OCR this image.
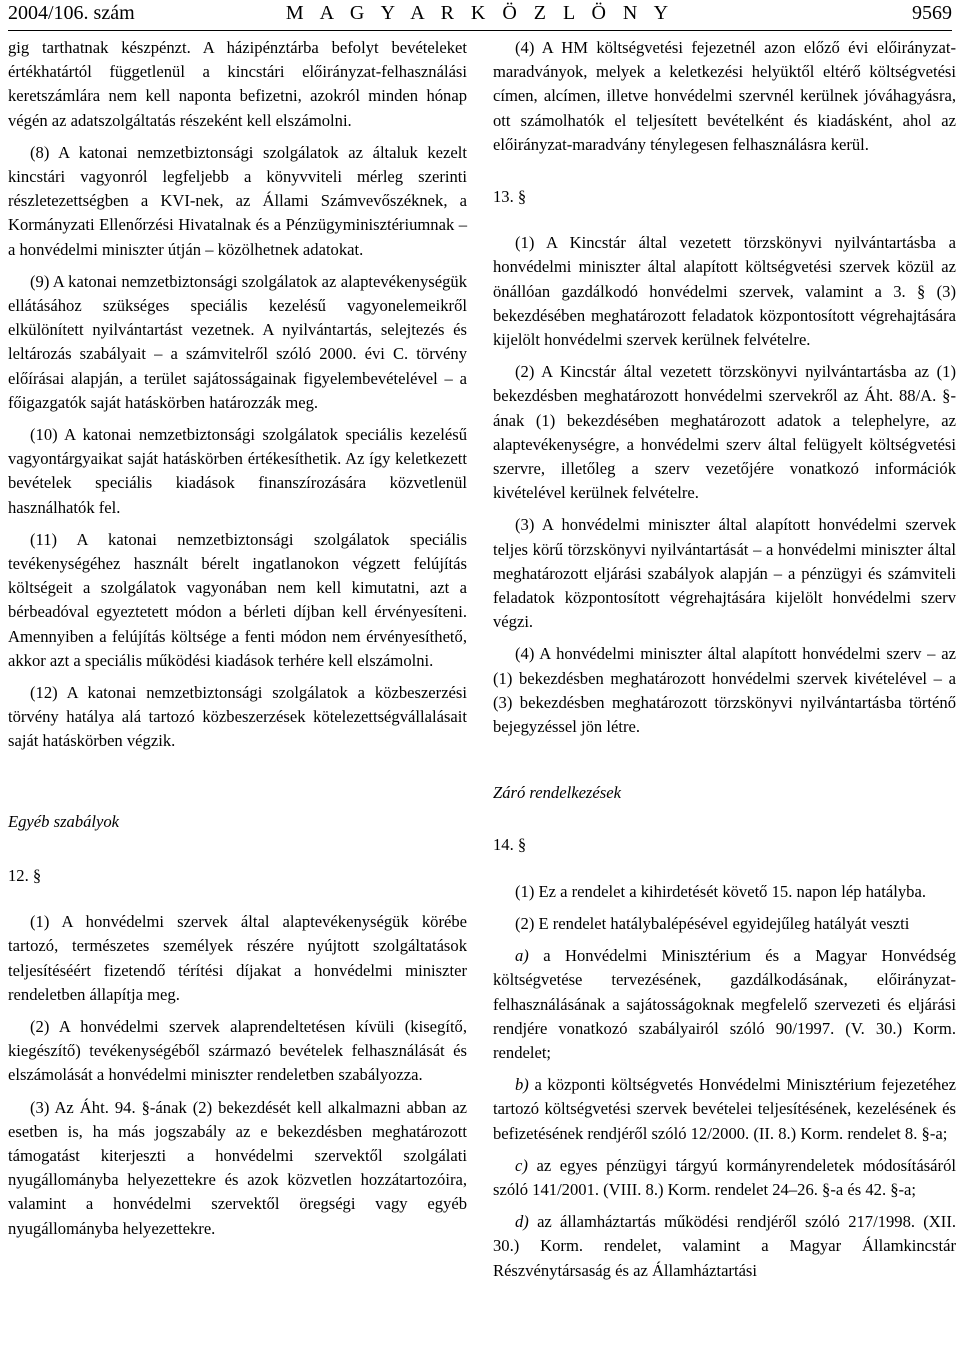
2004/106. szám	M A G Y A R K Ö Z L Ö N Y	9569

gig tarthatnak készpénzt. A házipénztárba befolyt bevételeket értékhatártól függetlenül a kincstári előirányzat-felhasználási keretszámlára nem kell naponta befizetni, azokról minden hónap végén az adatszolgáltatás részeként kell elszámolni.

(8) A katonai nemzetbiztonsági szolgálatok az általuk kezelt kincstári vagyonról legfeljebb a könyvviteli mérleg szerinti részletezettségben a KVI-nek, az Állami Számvevőszéknek, a Kormányzati Ellenőrzési Hivatalnak és a Pénzügyminisztériumnak – a honvédelmi miniszter útján – közölhetnek adatokat.

(9) A katonai nemzetbiztonsági szolgálatok az alaptevékenységük ellátásához szükséges speciális kezelésű vagyonelemeikről elkülönített nyilvántartást vezetnek. A nyilvántartás, selejtezés és leltározás szabályait – a számvitelről szóló 2000. évi C. törvény előírásai alapján, a terület sajátosságainak figyelembevételével – a főigazgatók saját hatáskörben határozzák meg.

(10) A katonai nemzetbiztonsági szolgálatok speciális kezelésű vagyontárgyaikat saját hatáskörben értékesíthetik. Az így keletkezett bevételek speciális kiadások finanszírozására közvetlenül használhatók fel.

(11) A katonai nemzetbiztonsági szolgálatok speciális tevékenységéhez használt bérelt ingatlanokon végzett felújítás költségeit a szolgálatok vagyonában nem kell kimutatni, azt a bérbeadóval egyeztetett módon a bérleti díjban kell érvényesíteni. Amennyiben a felújítás költsége a fenti módon nem érvényesíthető, akkor azt a speciális működési kiadások terhére kell elszámolni.

(12) A katonai nemzetbiztonsági szolgálatok a közbeszerzési törvény hatálya alá tartozó közbeszerzések kötelezettségvállalásait saját hatáskörben végzik.

Egyéb szabályok

12. §

(1) A honvédelmi szervek által alaptevékenységük körébe tartozó, természetes személyek részére nyújtott szolgáltatások teljesítéséért fizetendő térítési díjakat a honvédelmi miniszter rendeletben állapítja meg.

(2) A honvédelmi szervek alaprendeltetésen kívüli (kisegítő, kiegészítő) tevékenységéből származó bevételek felhasználását és elszámolását a honvédelmi miniszter rendeletben szabályozza.

(3) Az Áht. 94. §-ának (2) bekezdését kell alkalmazni abban az esetben is, ha más jogszabály az e bekezdésben meghatározott támogatást kiterjeszti a honvédelmi szervektől szolgálati nyugállományba helyezettekre és azok közvetlen hozzátartozóira, valamint a honvédelmi szervektől öregségi vagy egyéb nyugállományba helyezettekre.

(4) A HM költségvetési fejezetnél azon előző évi előirányzat-maradványok, melyek a keletkezési helyüktől eltérő költségvetési címen, alcímen, illetve honvédelmi szervnél kerülnek jóváhagyásra, ott számolhatók el teljesített bevételként és kiadásként, ahol az előirányzat-maradvány ténylegesen felhasználásra kerül.

13. §

(1) A Kincstár által vezetett törzskönyvi nyilvántartásba a honvédelmi miniszter által alapított költségvetési szervek közül az önállóan gazdálkodó honvédelmi szervek, valamint a 3. § (3) bekezdésében meghatározott feladatok központosított végrehajtására kijelölt honvédelmi szervek kerülnek felvételre.

(2) A Kincstár által vezetett törzskönyvi nyilvántartásba az (1) bekezdésben meghatározott honvédelmi szervekről az Áht. 88/A. §-ának (1) bekezdésében meghatározott adatok a telephelyre, az alaptevékenységre, a honvédelmi szerv által felügyelt költségvetési szervre, illetőleg a szerv vezetőjére vonatkozó információk kivételével kerülnek felvételre.

(3) A honvédelmi miniszter által alapított honvédelmi szervek teljes körű törzskönyvi nyilvántartását – a honvédelmi miniszter által meghatározott eljárási szabályok alapján – a pénzügyi és számviteli feladatok központosított végrehajtására kijelölt honvédelmi szerv végzi.

(4) A honvédelmi miniszter által alapított honvédelmi szerv – az (1) bekezdésben meghatározott honvédelmi szervek kivételével – a (3) bekezdésben meghatározott törzskönyvi nyilvántartásba történő bejegyzéssel jön létre.

Záró rendelkezések

14. §

(1) Ez a rendelet a kihirdetését követő 15. napon lép hatályba.

(2) E rendelet hatálybalépésével egyidejűleg hatályát veszti

a) a Honvédelmi Minisztérium és a Magyar Honvédség költségvetése tervezésének, gazdálkodásának, előirányzat-felhasználásának a sajátosságoknak megfelelő szervezeti és eljárási rendjére vonatkozó szabályairól szóló 90/1997. (V. 30.) Korm. rendelet;

b) a központi költségvetés Honvédelmi Minisztérium fejezetéhez tartozó költségvetési szervek bevételei teljesítésének, kezelésének és befizetésének rendjéről szóló 12/2000. (II. 8.) Korm. rendelet 8. §-a;

c) az egyes pénzügyi tárgyú kormányrendeletek módosításáról szóló 141/2001. (VIII. 8.) Korm. rendelet 24–26. §-a és 42. §-a;

d) az államháztartás működési rendjéről szóló 217/1998. (XII. 30.) Korm. rendelet, valamint a Magyar Államkincstár Részvénytársaság és az Államháztartási
